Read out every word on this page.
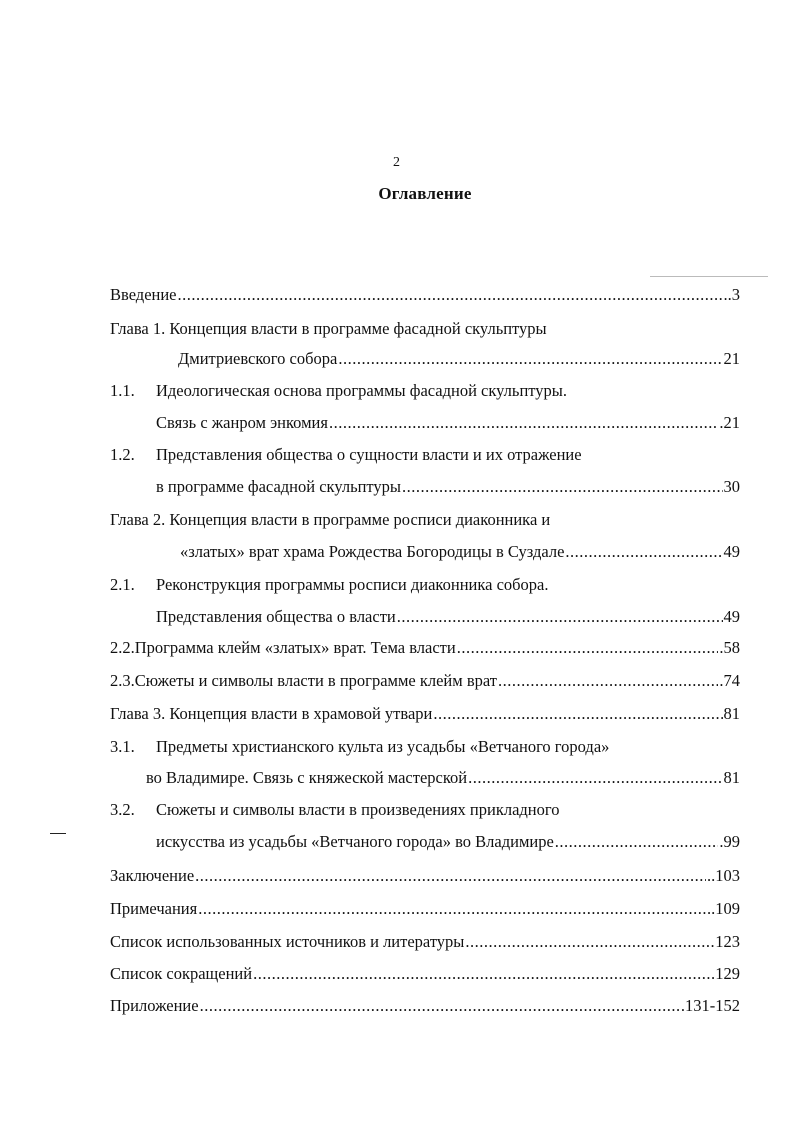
2
Оглавление
Введение .....	..3
Глава 1. Концепция власти в программе фасадной скульптуры
Дмитриевского собора .....	21
1.1.	Идеологическая основа программы фасадной скульптуры.
Связь с жанром энкомия .....	.21
1.2.	Представления общества о сущности власти и их отражение
в программе фасадной скульптуры .....	30
Глава 2. Концепция власти в программе росписи диаконника и
«златых» врат храма Рождества Богородицы в Суздале .....	49
2.1.	Реконструкция программы росписи диаконника собора.
Представления общества о власти .....	49
2.2. Программа клейм «златых» врат. Тема власти .....	.58
2.3. Сюжеты и символы власти в программе клейм врат .....	.74
Глава 3. Концепция власти в храмовой утвари .....	81
3.1.	Предметы христианского культа из усадьбы «Ветчаного города»
во Владимире. Связь с княжеской мастерской .....	81
3.2.	Сюжеты и символы власти в произведениях прикладного
искусства из усадьбы «Ветчаного города» во Владимире .....	.99
Заключение .....	..103
Примечания .....	.109
Список использованных источников и литературы .....	123
Список сокращений .....	129
Приложение .....	.131-152
